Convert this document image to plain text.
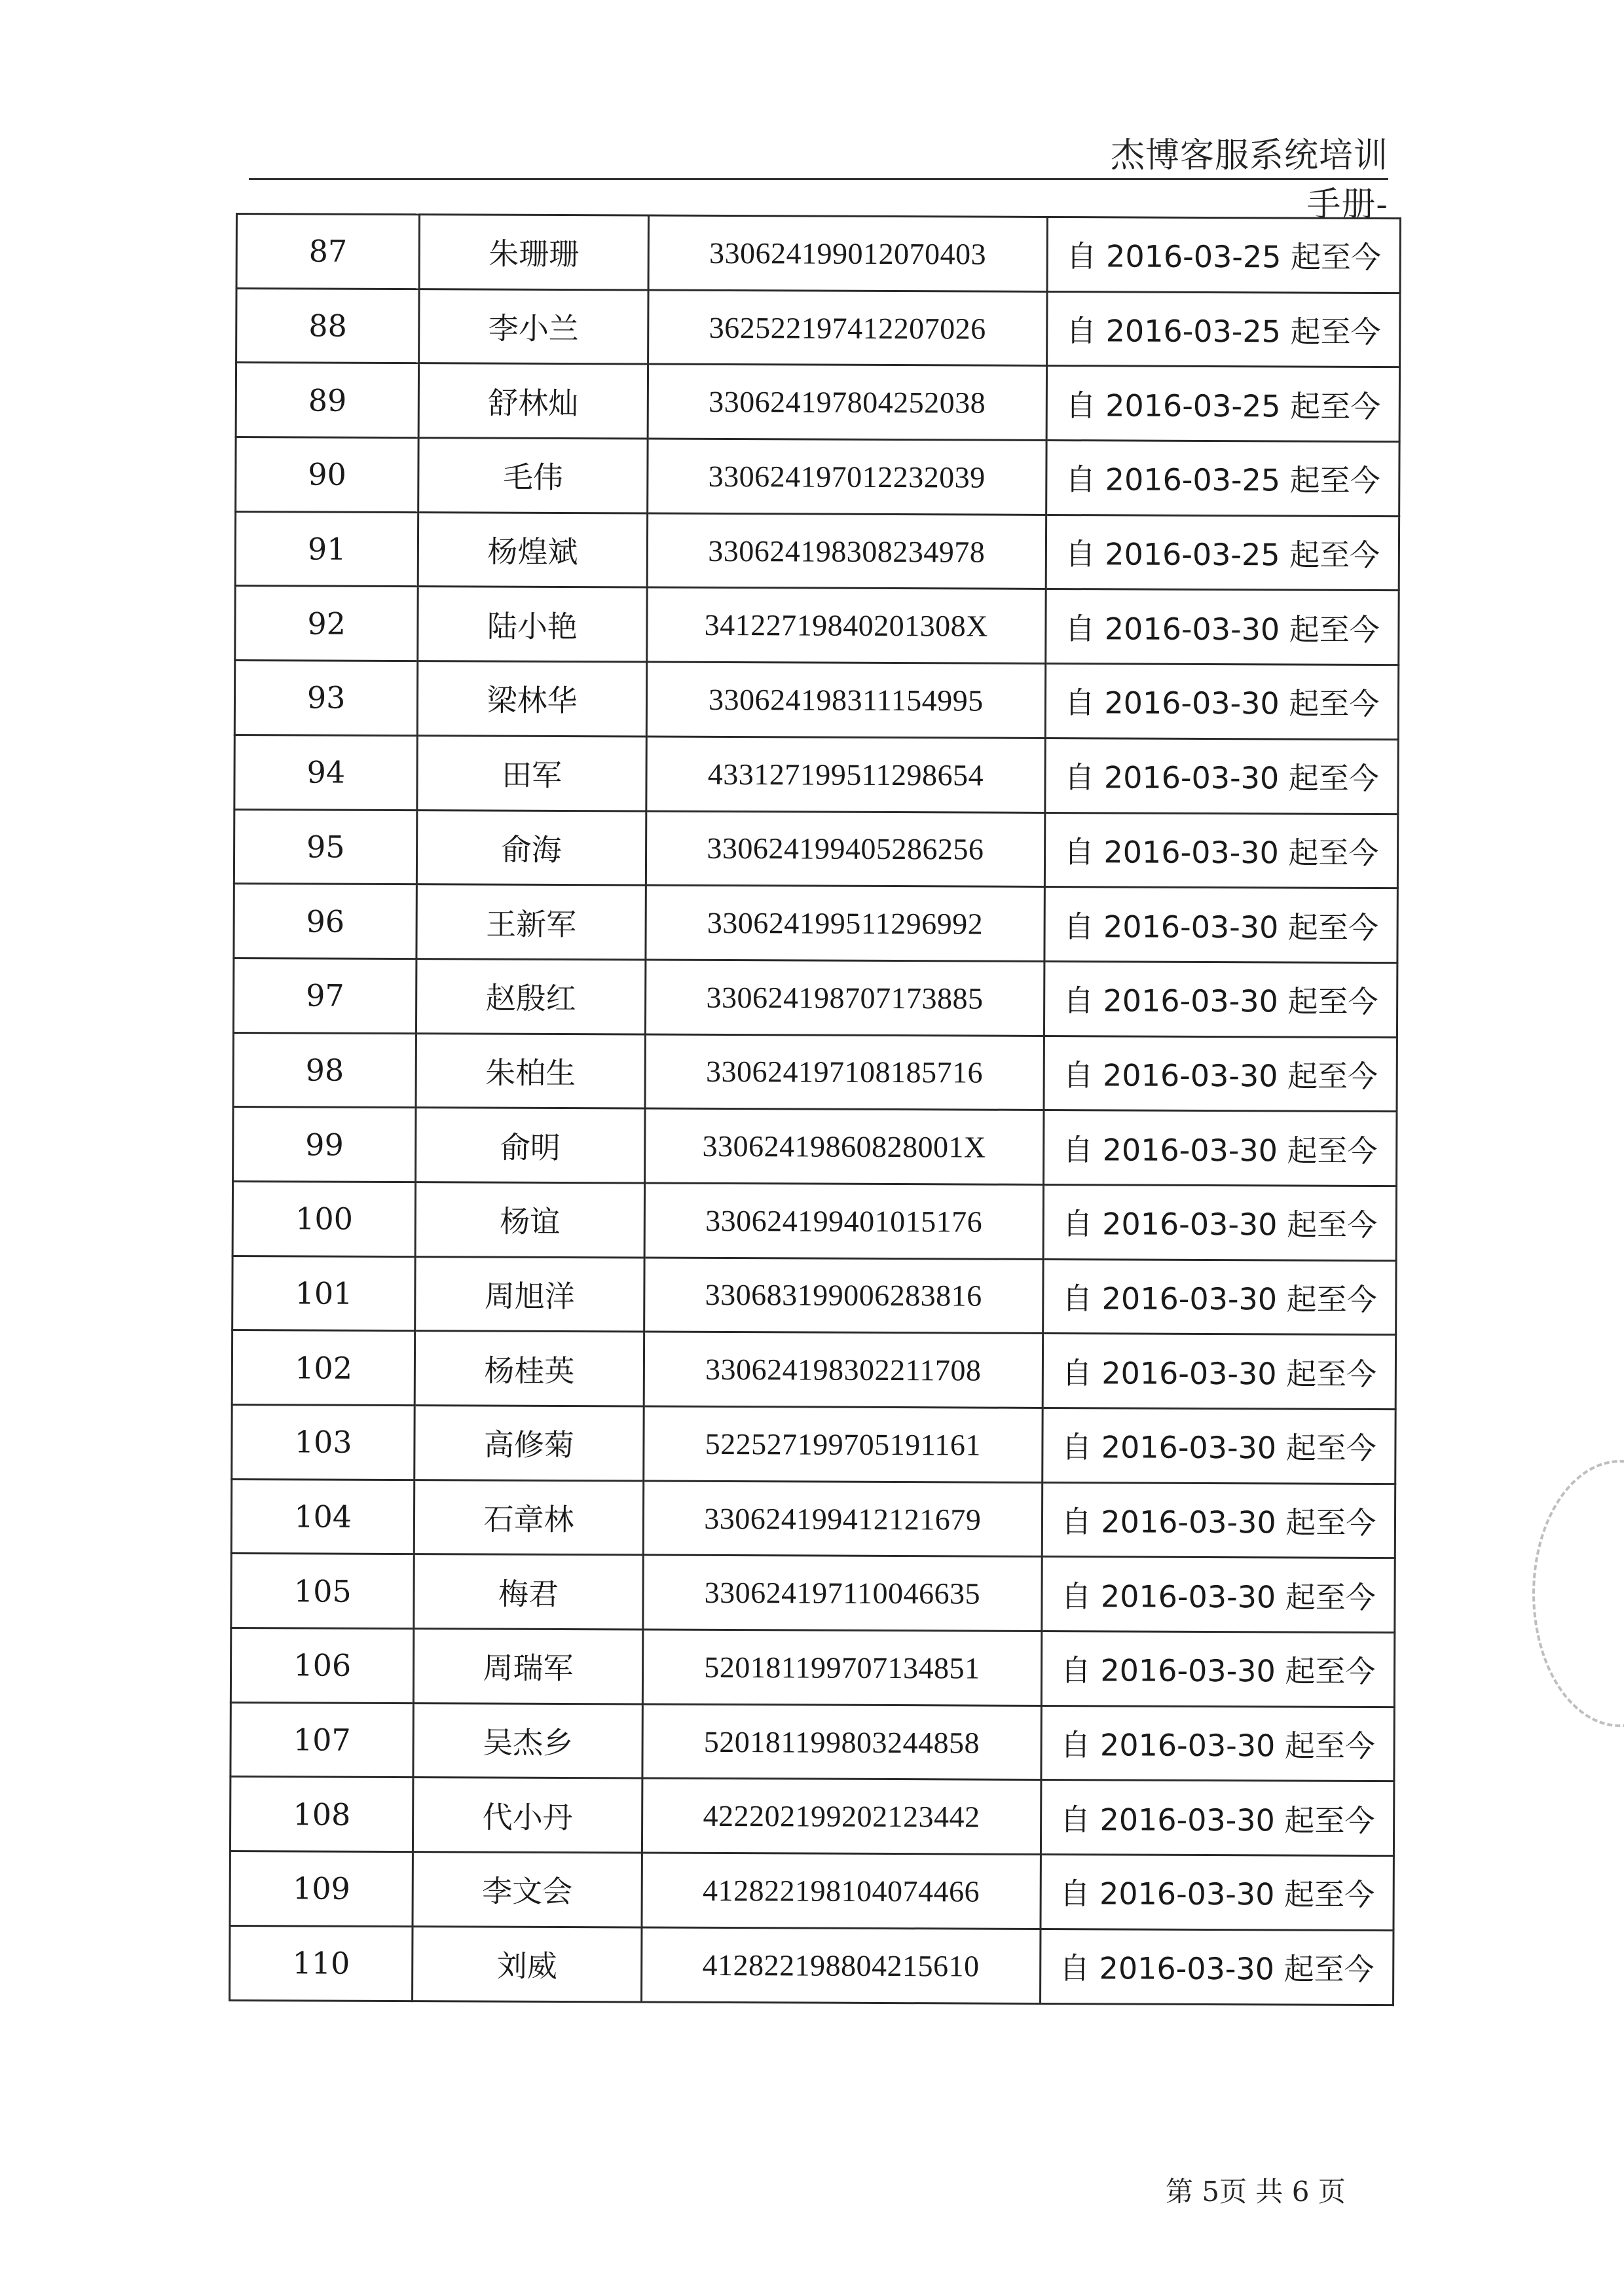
杰博客服系统培训手册-
87	朱珊珊	330624199012070403	自 2016-03-25 起至今
88	李小兰	362522197412207026	自 2016-03-25 起至今
89	舒林灿	330624197804252038	自 2016-03-25 起至今
90	毛伟	330624197012232039	自 2016-03-25 起至今
91	杨煌斌	330624198308234978	自 2016-03-25 起至今
92	陆小艳	34122719840201308X	自 2016-03-30 起至今
93	梁林华	330624198311154995	自 2016-03-30 起至今
94	田军	433127199511298654	自 2016-03-30 起至今
95	俞海	330624199405286256	自 2016-03-30 起至今
96	王新军	330624199511296992	自 2016-03-30 起至今
97	赵殷红	330624198707173885	自 2016-03-30 起至今
98	朱柏生	330624197108185716	自 2016-03-30 起至今
99	俞明	33062419860828001X	自 2016-03-30 起至今
100	杨谊	330624199401015176	自 2016-03-30 起至今
101	周旭洋	330683199006283816	自 2016-03-30 起至今
102	杨桂英	330624198302211708	自 2016-03-30 起至今
103	高修菊	522527199705191161	自 2016-03-30 起至今
104	石章林	330624199412121679	自 2016-03-30 起至今
105	梅君	330624197110046635	自 2016-03-30 起至今
106	周瑞军	520181199707134851	自 2016-03-30 起至今
107	吴杰乡	520181199803244858	自 2016-03-30 起至今
108	代小丹	422202199202123442	自 2016-03-30 起至今
109	李文会	412822198104074466	自 2016-03-30 起至今
110	刘威	412822198804215610	自 2016-03-30 起至今
第 5页 共 6 页
